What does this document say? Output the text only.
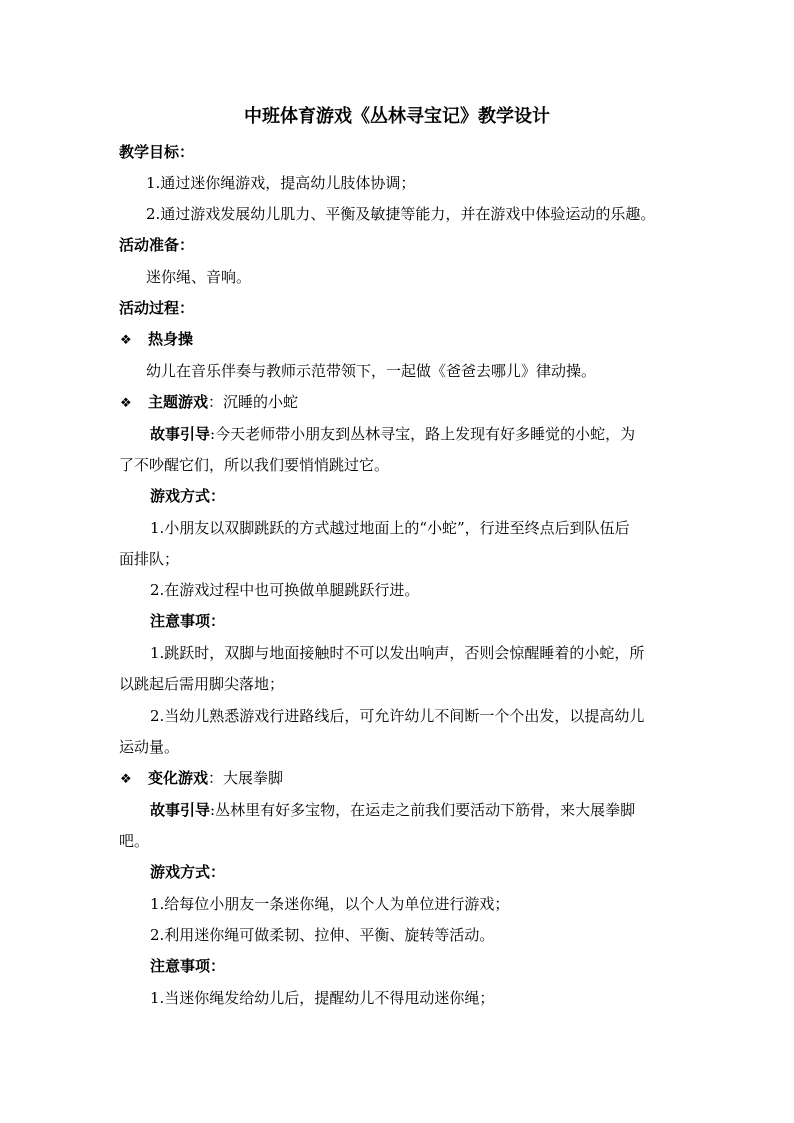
中班体育游戏《丛林寻宝记》教学设计
教学目标：
1.通过迷你绳游戏，提高幼儿肢体协调；
2.通过游戏发展幼儿肌力、平衡及敏捷等能力，并在游戏中体验运动的乐趣。
活动准备：
迷你绳、音响。
活动过程：
❖ 热身操
幼儿在音乐伴奏与教师示范带领下，一起做《爸爸去哪儿》律动操。
❖ 主题游戏：沉睡的小蛇
故事引导:今天老师带小朋友到丛林寻宝，路上发现有好多睡觉的小蛇，为
了不吵醒它们，所以我们要悄悄跳过它。
游戏方式：
1.小朋友以双脚跳跃的方式越过地面上的“小蛇”，行进至终点后到队伍后
面排队；
2.在游戏过程中也可换做单腿跳跃行进。
注意事项：
1.跳跃时，双脚与地面接触时不可以发出响声，否则会惊醒睡着的小蛇，所
以跳起后需用脚尖落地；
2.当幼儿熟悉游戏行进路线后，可允许幼儿不间断一个个出发，以提高幼儿
运动量。
❖ 变化游戏：大展拳脚
故事引导:丛林里有好多宝物，在运走之前我们要活动下筋骨，来大展拳脚
吧。
游戏方式：
1.给每位小朋友一条迷你绳，以个人为单位进行游戏；
2.利用迷你绳可做柔韧、拉伸、平衡、旋转等活动。
注意事项：
1.当迷你绳发给幼儿后，提醒幼儿不得甩动迷你绳；
